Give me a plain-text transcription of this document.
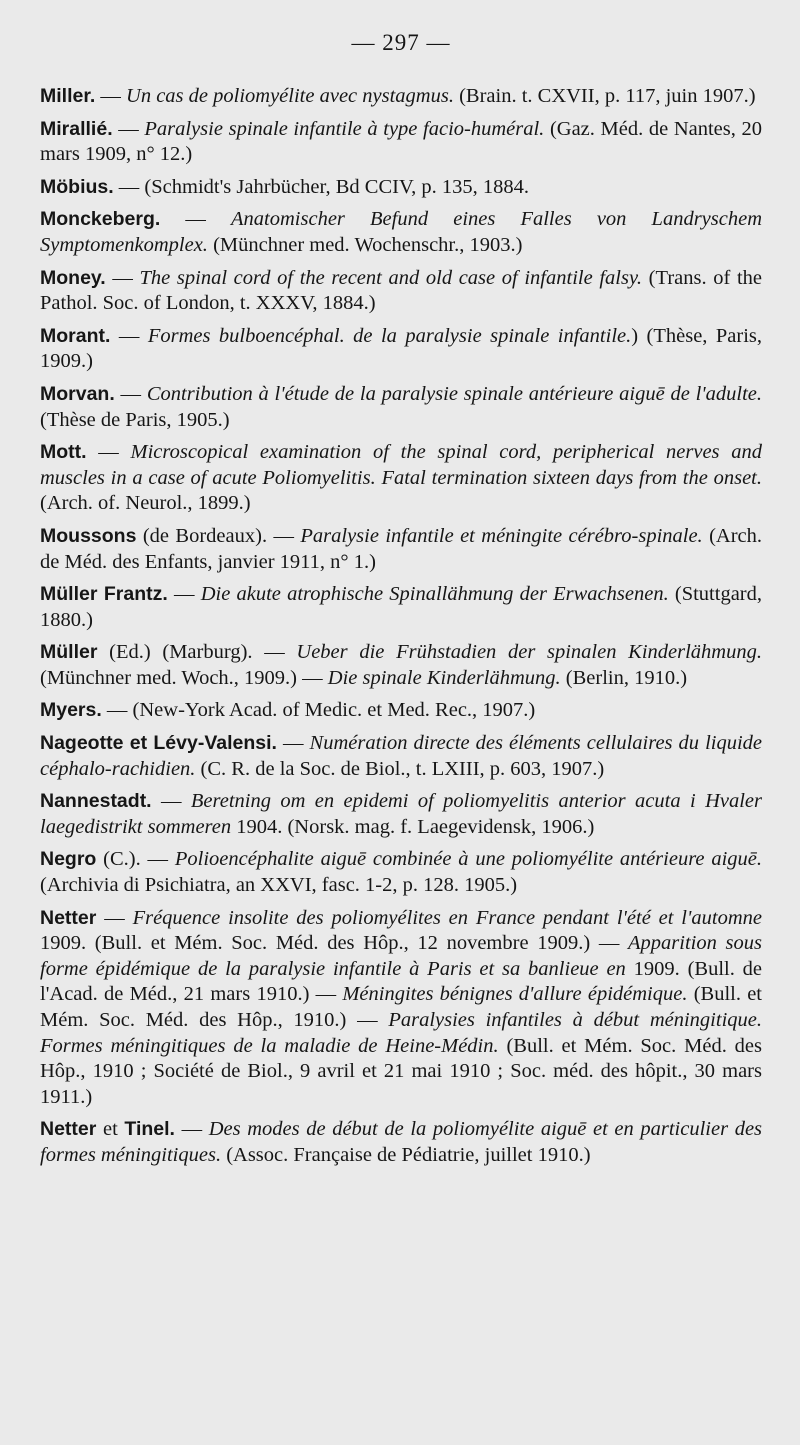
— 297 —
Miller. — Un cas de poliomyélite avec nystagmus. (Brain. t. CXVII, p. 117, juin 1907.)
Mirallié. — Paralysie spinale infantile à type facio-huméral. (Gaz. Méd. de Nantes, 20 mars 1909, n° 12.)
Möbius. — (Schmidt's Jahrbücher, Bd CCIV, p. 135, 1884.
Monckeberg. — Anatomischer Befund eines Falles von Landryschem Symptomenkomplex. (Münchner med. Wochenschr., 1903.)
Money. — The spinal cord of the recent and old case of infantile falsy. (Trans. of the Pathol. Soc. of London, t. XXXV, 1884.)
Morant. — Formes bulboencéphal. de la paralysie spinale infantile.) (Thèse, Paris, 1909.)
Morvan. — Contribution à l'étude de la paralysie spinale antérieure aiguē de l'adulte. (Thèse de Paris, 1905.)
Mott. — Microscopical examination of the spinal cord, peripherical nerves and muscles in a case of acute Poliomyelitis. Fatal termination sixteen days from the onset. (Arch. of. Neurol., 1899.)
Moussons (de Bordeaux). — Paralysie infantile et méningite cérébro-spinale. (Arch. de Méd. des Enfants, janvier 1911, n° 1.)
Müller Frantz. — Die akute atrophische Spinallähmung der Erwachsenen. (Stuttgard, 1880.)
Müller (Ed.) (Marburg). — Ueber die Frühstadien der spinalen Kinderlähmung. (Münchner med. Woch., 1909.) — Die spinale Kinderlähmung. (Berlin, 1910.)
Myers. — (New-York Acad. of Medic. et Med. Rec., 1907.)
Nageotte et Lévy-Valensi. — Numération directe des éléments cellulaires du liquide céphalo-rachidien. (C. R. de la Soc. de Biol., t. LXIII, p. 603, 1907.)
Nannestadt. — Beretning om en epidemi of poliomyelitis anterior acuta i Hvaler laegedistrikt sommeren 1904. (Norsk. mag. f. Laegevidensk, 1906.)
Negro (C.). — Polioencéphalite aiguē combinée à une poliomyélite antérieure aiguē. (Archivia di Psichiatra, an XXVI, fasc. 1-2, p. 128. 1905.)
Netter — Fréquence insolite des poliomyélites en France pendant l'été et l'automne 1909. (Bull. et Mém. Soc. Méd. des Hôp., 12 novembre 1909.) — Apparition sous forme épidémique de la paralysie infantile à Paris et sa banlieue en 1909. (Bull. de l'Acad. de Méd., 21 mars 1910.) — Méningites bénignes d'allure épidémique. (Bull. et Mém. Soc. Méd. des Hôp., 1910.) — Paralysies infantiles à début méningitique. Formes méningitiques de la maladie de Heine-Médin. (Bull. et Mém. Soc. Méd. des Hôp., 1910 ; Société de Biol., 9 avril et 21 mai 1910 ; Soc. méd. des hôpit., 30 mars 1911.)
Netter et Tinel. — Des modes de début de la poliomyélite aiguē et en particulier des formes méningitiques. (Assoc. Française de Pédiatrie, juillet 1910.)
